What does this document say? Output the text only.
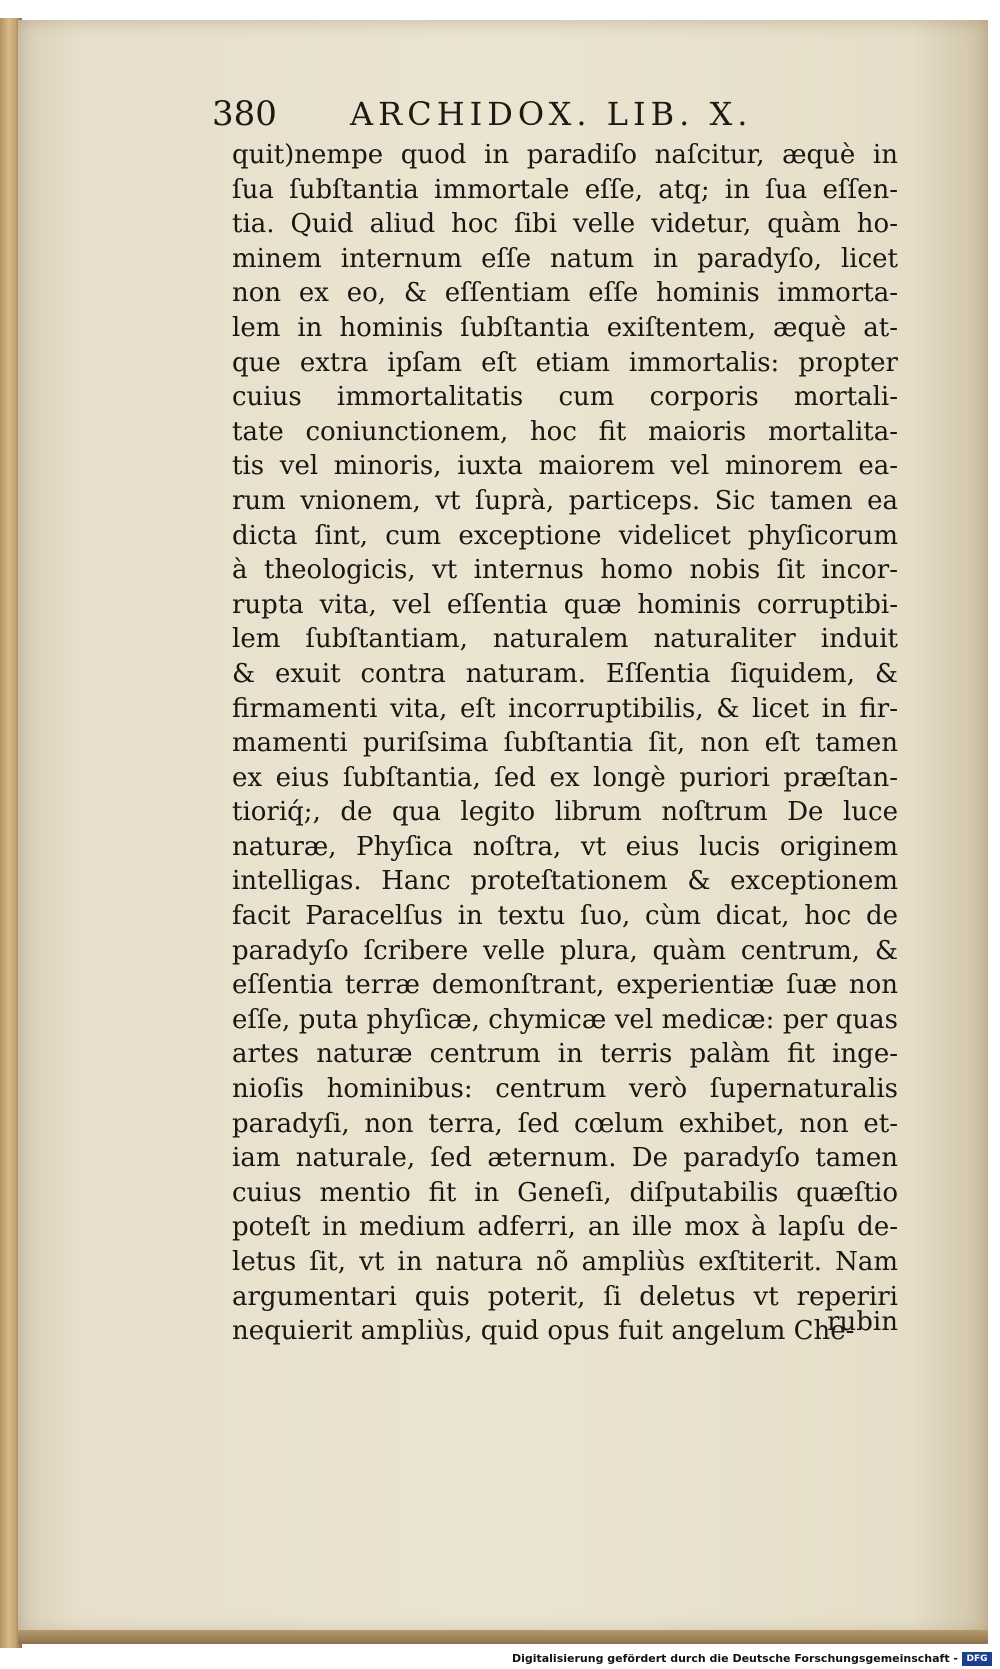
380 ARCHIDOX. LIB. X.
quit)nempe quod in paradiſo naſcitur, æquè in
ſua ſubſtantia immortale eſſe, atq; in ſua eſſen-
tia. Quid aliud hoc ſibi velle videtur, quàm ho-
minem internum eſſe natum in paradyſo, licet
non ex eo, & eſſentiam eſſe hominis immorta-
lem in hominis ſubſtantia exiſtentem, æquè at-
que extra ipſam eſt etiam immortalis: propter
cuius immortalitatis cum corporis mortali-
tate coniunctionem, hoc fit maioris mortalita-
tis vel minoris, iuxta maiorem vel minorem ea-
rum vnionem, vt ſuprà, particeps. Sic tamen ea
dicta ſint, cum exceptione videlicet phyſicorum
à theologicis, vt internus homo nobis ſit incor-
rupta vita, vel eſſentia quæ hominis corruptibi-
lem ſubſtantiam, naturalem naturaliter induit
& exuit contra naturam. Eſſentia ſiquidem, &
firmamenti vita, eſt incorruptibilis, & licet in fir-
mamenti puriſsima ſubſtantia ſit, non eſt tamen
ex eius ſubſtantia, ſed ex longè puriori præſtan-
tioriq́;, de qua legito librum noſtrum De luce
naturæ, Phyſica noſtra, vt eius lucis originem
intelligas. Hanc proteſtationem & exceptionem
facit Paracelſus in textu ſuo, cùm dicat, hoc de
paradyſo ſcribere velle plura, quàm centrum, &
eſſentia terræ demonſtrant, experientiæ ſuæ non
eſſe, puta phyſicæ, chymicæ vel medicæ: per quas
artes naturæ centrum in terris palàm fit inge-
nioſis hominibus: centrum verò ſupernaturalis
paradyſi, non terra, ſed cœlum exhibet, non et-
iam naturale, ſed æternum. De paradyſo tamen
cuius mentio fit in Geneſi, diſputabilis quæſtio
poteſt in medium adferri, an ille mox à lapſu de-
letus ſit, vt in natura nõ ampliùs exſtiterit. Nam
argumentari quis poterit, ſi deletus vt reperiri
nequierit ampliùs, quid opus fuit angelum Che-
rubin
Digitalisierung gefördert durch die Deutsche Forschungsgemeinschaft - DFG
